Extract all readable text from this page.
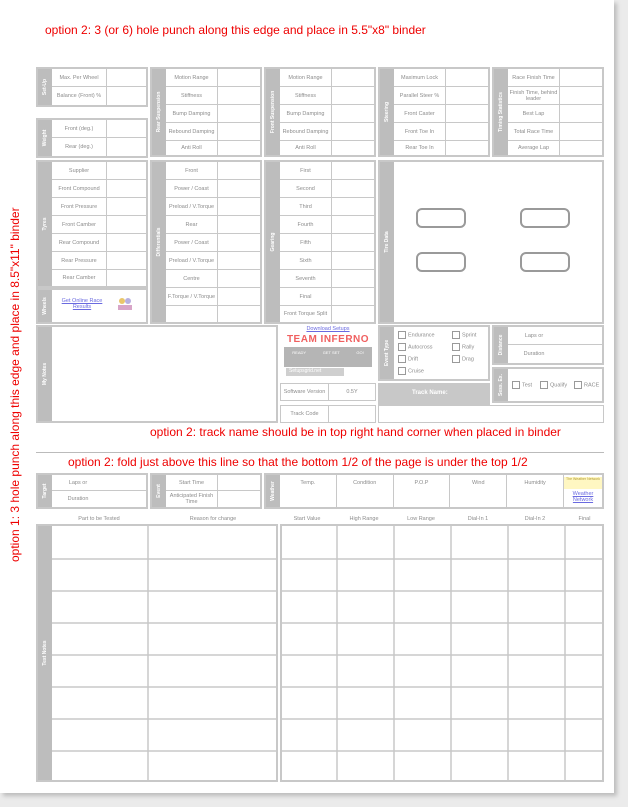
option 2: 3 (or 6) hole punch along this edge and place in 5.5"x8" binder
option 1: 3 hole punch along this edge and place in 8.5"x11" binder
Set-Up
Max. Per Wheel
Balance (Front) %
Weight
Front (deg.)
Rear (deg.)
Tyres
Supplier
Front Compound
Front Pressure
Front Camber
Rear Compound
Rear Pressure
Rear Camber
Wheels	Get Online Race Results
Rear Suspension
Motion Range
Stiffness
Bump Damping
Rebound Damping
Anti Roll
Differentials
Front
Power / Coast
Preload / V.Torque
Rear
Power / Coast
Preload / V.Torque
Centre
F.Torque / V.Torque
Front Suspension
Motion Range
Stiffness
Bump Damping
Rebound Damping
Anti Roll
Gearing
First
Second
Third
Fourth
Fifth
Sixth
Seventh
Final
Front Torque Split
Steering
Maximum Lock
Parallel Steer %
Front Caster
Front Toe In
Rear Toe In
Timing Statistics
Race Finish Time
Finish Time, behind leader
Best Lap
Total Race Time
Average Lap
Tire Data
My Notes
Download Setups
TEAM INFERNO
READY	GET SET	GO!
Setupsgrid.net
Software Version	0.5Y
Track Code
Event Type
Endurance	Sprint
Autocross	Rally
Drift	Drag
Cruise
Distance	Laps or
Duration
Sess. Ex.	Test	Qualify	RACE
Track Name:
option 2: track name should be in top right hand corner when placed in binder
option 2: fold just above this line so that the bottom 1/2 of the page is under the top 1/2
Target
Laps or
Duration
Event
Start Time
Anticipated Finish Time
Weather	Temp.	Condition	P.O.P	Wind	Humidity
The Weather Network
Weather Network
Part to be Tested	Reason for change	Start Value	High Range	Low Range	Dial-In 1	Dial-In 2	Final
Test Notes
